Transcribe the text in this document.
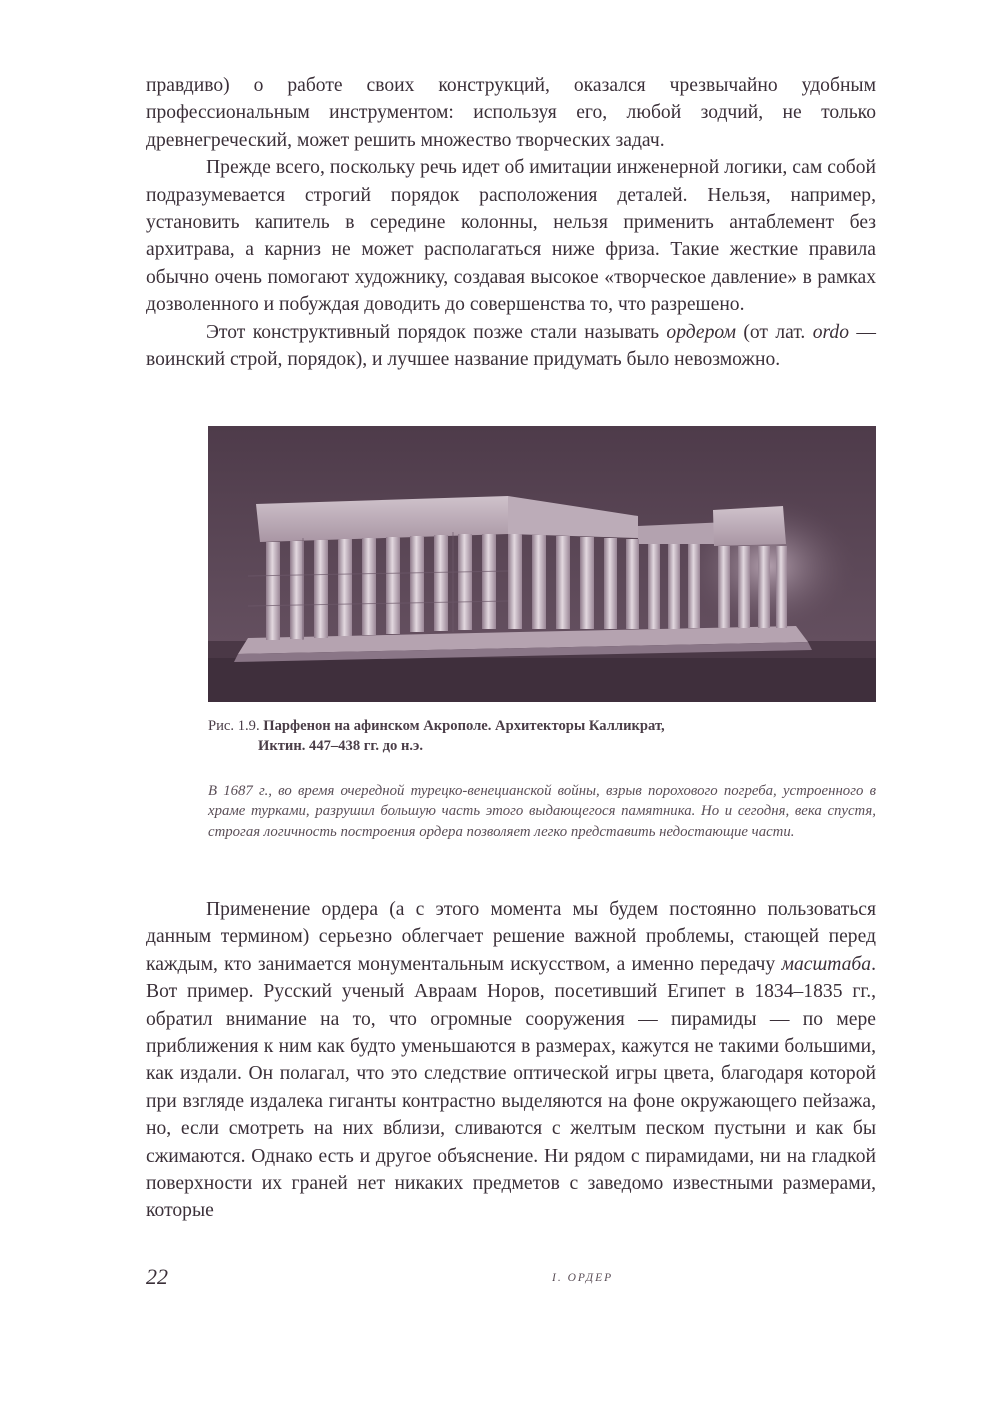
правдиво) о работе своих конструкций, оказался чрезвычайно удобным профессиональным инструментом: используя его, любой зодчий, не только древнегреческий, может решить множество творческих задач.

Прежде всего, поскольку речь идет об имитации инженерной логики, сам собой подразумевается строгий порядок расположения деталей. Нельзя, например, установить капитель в середине колонны, нельзя применить антаблемент без архитрава, а карниз не может располагаться ниже фриза. Такие жесткие правила обычно очень помогают художнику, создавая высокое «творческое давление» в рамках дозволенного и побуждая доводить до совершенства то, что разрешено.

Этот конструктивный порядок позже стали называть ордером (от лат. ordo — воинский строй, порядок), и лучшее название придумать было невозможно.

Рис. 1.9. Парфенон на афинском Акрополе. Архитекторы Калликрат,
Иктин. 447–438 гг. до н.э.
В 1687 г., во время очередной турецко-венецианской войны, взрыв порохового погреба, устроенного в храме турками, разрушил большую часть этого выдающегося памятника. Но и сегодня, века спустя, строгая логичность построения ордера позволяет легко представить недостающие части.

Применение ордера (а с этого момента мы будем постоянно пользоваться данным термином) серьезно облегчает решение важной проблемы, стающей перед каждым, кто занимается монументальным искусством, а именно передачу масштаба. Вот пример. Русский ученый Авраам Норов, посетивший Египет в 1834–1835 гг., обратил внимание на то, что огромные сооружения — пирамиды — по мере приближения к ним как будто уменьшаются в размерах, кажутся не такими большими, как издали. Он полагал, что это следствие оптической игры цвета, благодаря которой при взгляде издалека гиганты контрастно выделяются на фоне окружающего пейзажа, но, если смотреть на них вблизи, сливаются с желтым песком пустыни и как бы сжимаются. Однако есть и другое объяснение. Ни рядом с пирамидами, ни на гладкой поверхности их граней нет никаких предметов с заведомо известными размерами, которые

22	I. ОРДЕР
